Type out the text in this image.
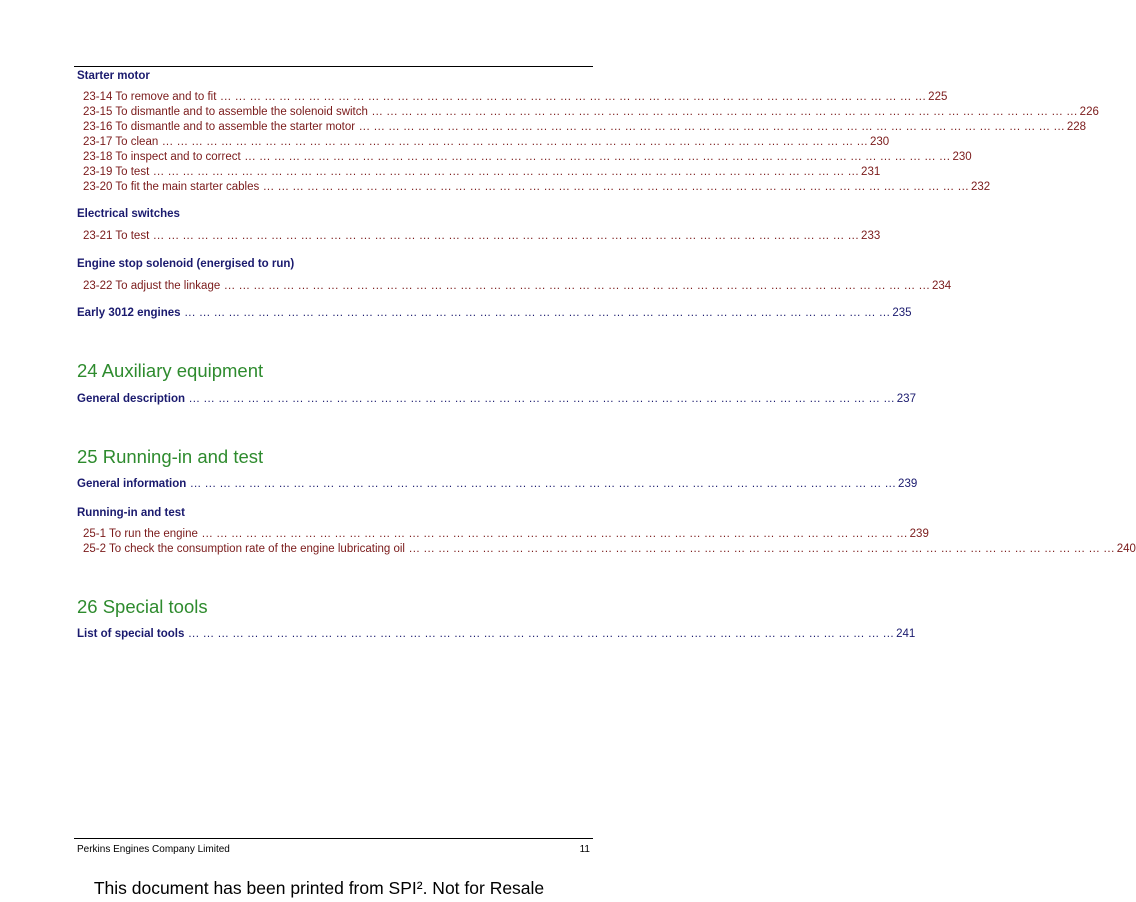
Starter motor
23-14 To remove and to fit ... ... ... ... ... ... ... ... ... ... ... ... ... ... ... ... ... ... ... ... ... ... ... ... ... ... ... ... ... ... ... ... ... ... ... ... ... ... ... ... ... ... ... ... ... ... ... ... 225
23-15 To dismantle and to assemble the solenoid switch ... ... ... ... ... ... ... ... ... ... ... ... ... ... ... ... ... ... ... ... ... ... ... ... ... ... ... ... ... ... ... ... ... ... ... ... ... ... ... ... ... ... ... ... ... ... ... ... 226
23-16 To dismantle and to assemble the starter motor ... ... ... ... ... ... ... ... ... ... ... ... ... ... ... ... ... ... ... ... ... ... ... ... ... ... ... ... ... ... ... ... ... ... ... ... ... ... ... ... ... ... ... ... ... ... ... ... 228
23-17 To clean ... ... ... ... ... ... ... ... ... ... ... ... ... ... ... ... ... ... ... ... ... ... ... ... ... ... ... ... ... ... ... ... ... ... ... ... ... ... ... ... ... ... ... ... ... ... ... ... 230
23-18 To inspect and to correct ... ... ... ... ... ... ... ... ... ... ... ... ... ... ... ... ... ... ... ... ... ... ... ... ... ... ... ... ... ... ... ... ... ... ... ... ... ... ... ... ... ... ... ... ... ... ... ... 230
23-19 To test ... ... ... ... ... ... ... ... ... ... ... ... ... ... ... ... ... ... ... ... ... ... ... ... ... ... ... ... ... ... ... ... ... ... ... ... ... ... ... ... ... ... ... ... ... ... ... ... 231
23-20 To fit the main starter cables ... ... ... ... ... ... ... ... ... ... ... ... ... ... ... ... ... ... ... ... ... ... ... ... ... ... ... ... ... ... ... ... ... ... ... ... ... ... ... ... ... ... ... ... ... ... ... ... 232
Electrical switches
23-21 To test ... ... ... ... ... ... ... ... ... ... ... ... ... ... ... ... ... ... ... ... ... ... ... ... ... ... ... ... ... ... ... ... ... ... ... ... ... ... ... ... ... ... ... ... ... ... ... ... 233
Engine stop solenoid (energised to run)
23-22 To adjust the linkage ... ... ... ... ... ... ... ... ... ... ... ... ... ... ... ... ... ... ... ... ... ... ... ... ... ... ... ... ... ... ... ... ... ... ... ... ... ... ... ... ... ... ... ... ... ... ... ... 234
Early 3012 engines ... ... ... ... ... ... ... ... ... ... ... ... ... ... ... ... ... ... ... ... ... ... ... ... ... ... ... ... ... ... ... ... ... ... ... ... ... ... ... ... ... ... ... ... ... ... ... ... 235
24 Auxiliary equipment
General description ... ... ... ... ... ... ... ... ... ... ... ... ... ... ... ... ... ... ... ... ... ... ... ... ... ... ... ... ... ... ... ... ... ... ... ... ... ... ... ... ... ... ... ... ... ... ... ... 237
25 Running-in and test
General information ... ... ... ... ... ... ... ... ... ... ... ... ... ... ... ... ... ... ... ... ... ... ... ... ... ... ... ... ... ... ... ... ... ... ... ... ... ... ... ... ... ... ... ... ... ... ... ... 239
Running-in and test
25-1 To run the engine ... ... ... ... ... ... ... ... ... ... ... ... ... ... ... ... ... ... ... ... ... ... ... ... ... ... ... ... ... ... ... ... ... ... ... ... ... ... ... ... ... ... ... ... ... ... ... ... 239
25-2 To check the consumption rate of the engine lubricating oil ... ... ... ... ... ... ... ... ... ... ... ... ... ... ... ... ... ... ... ... ... ... ... ... ... ... ... ... ... ... ... ... ... ... ... ... ... ... ... ... ... ... ... ... ... ... ... ... 240
26 Special tools
List of special tools ... ... ... ... ... ... ... ... ... ... ... ... ... ... ... ... ... ... ... ... ... ... ... ... ... ... ... ... ... ... ... ... ... ... ... ... ... ... ... ... ... ... ... ... ... ... ... ... 241
Perkins Engines Company Limited	11
This document has been printed from SPI². Not for Resale
